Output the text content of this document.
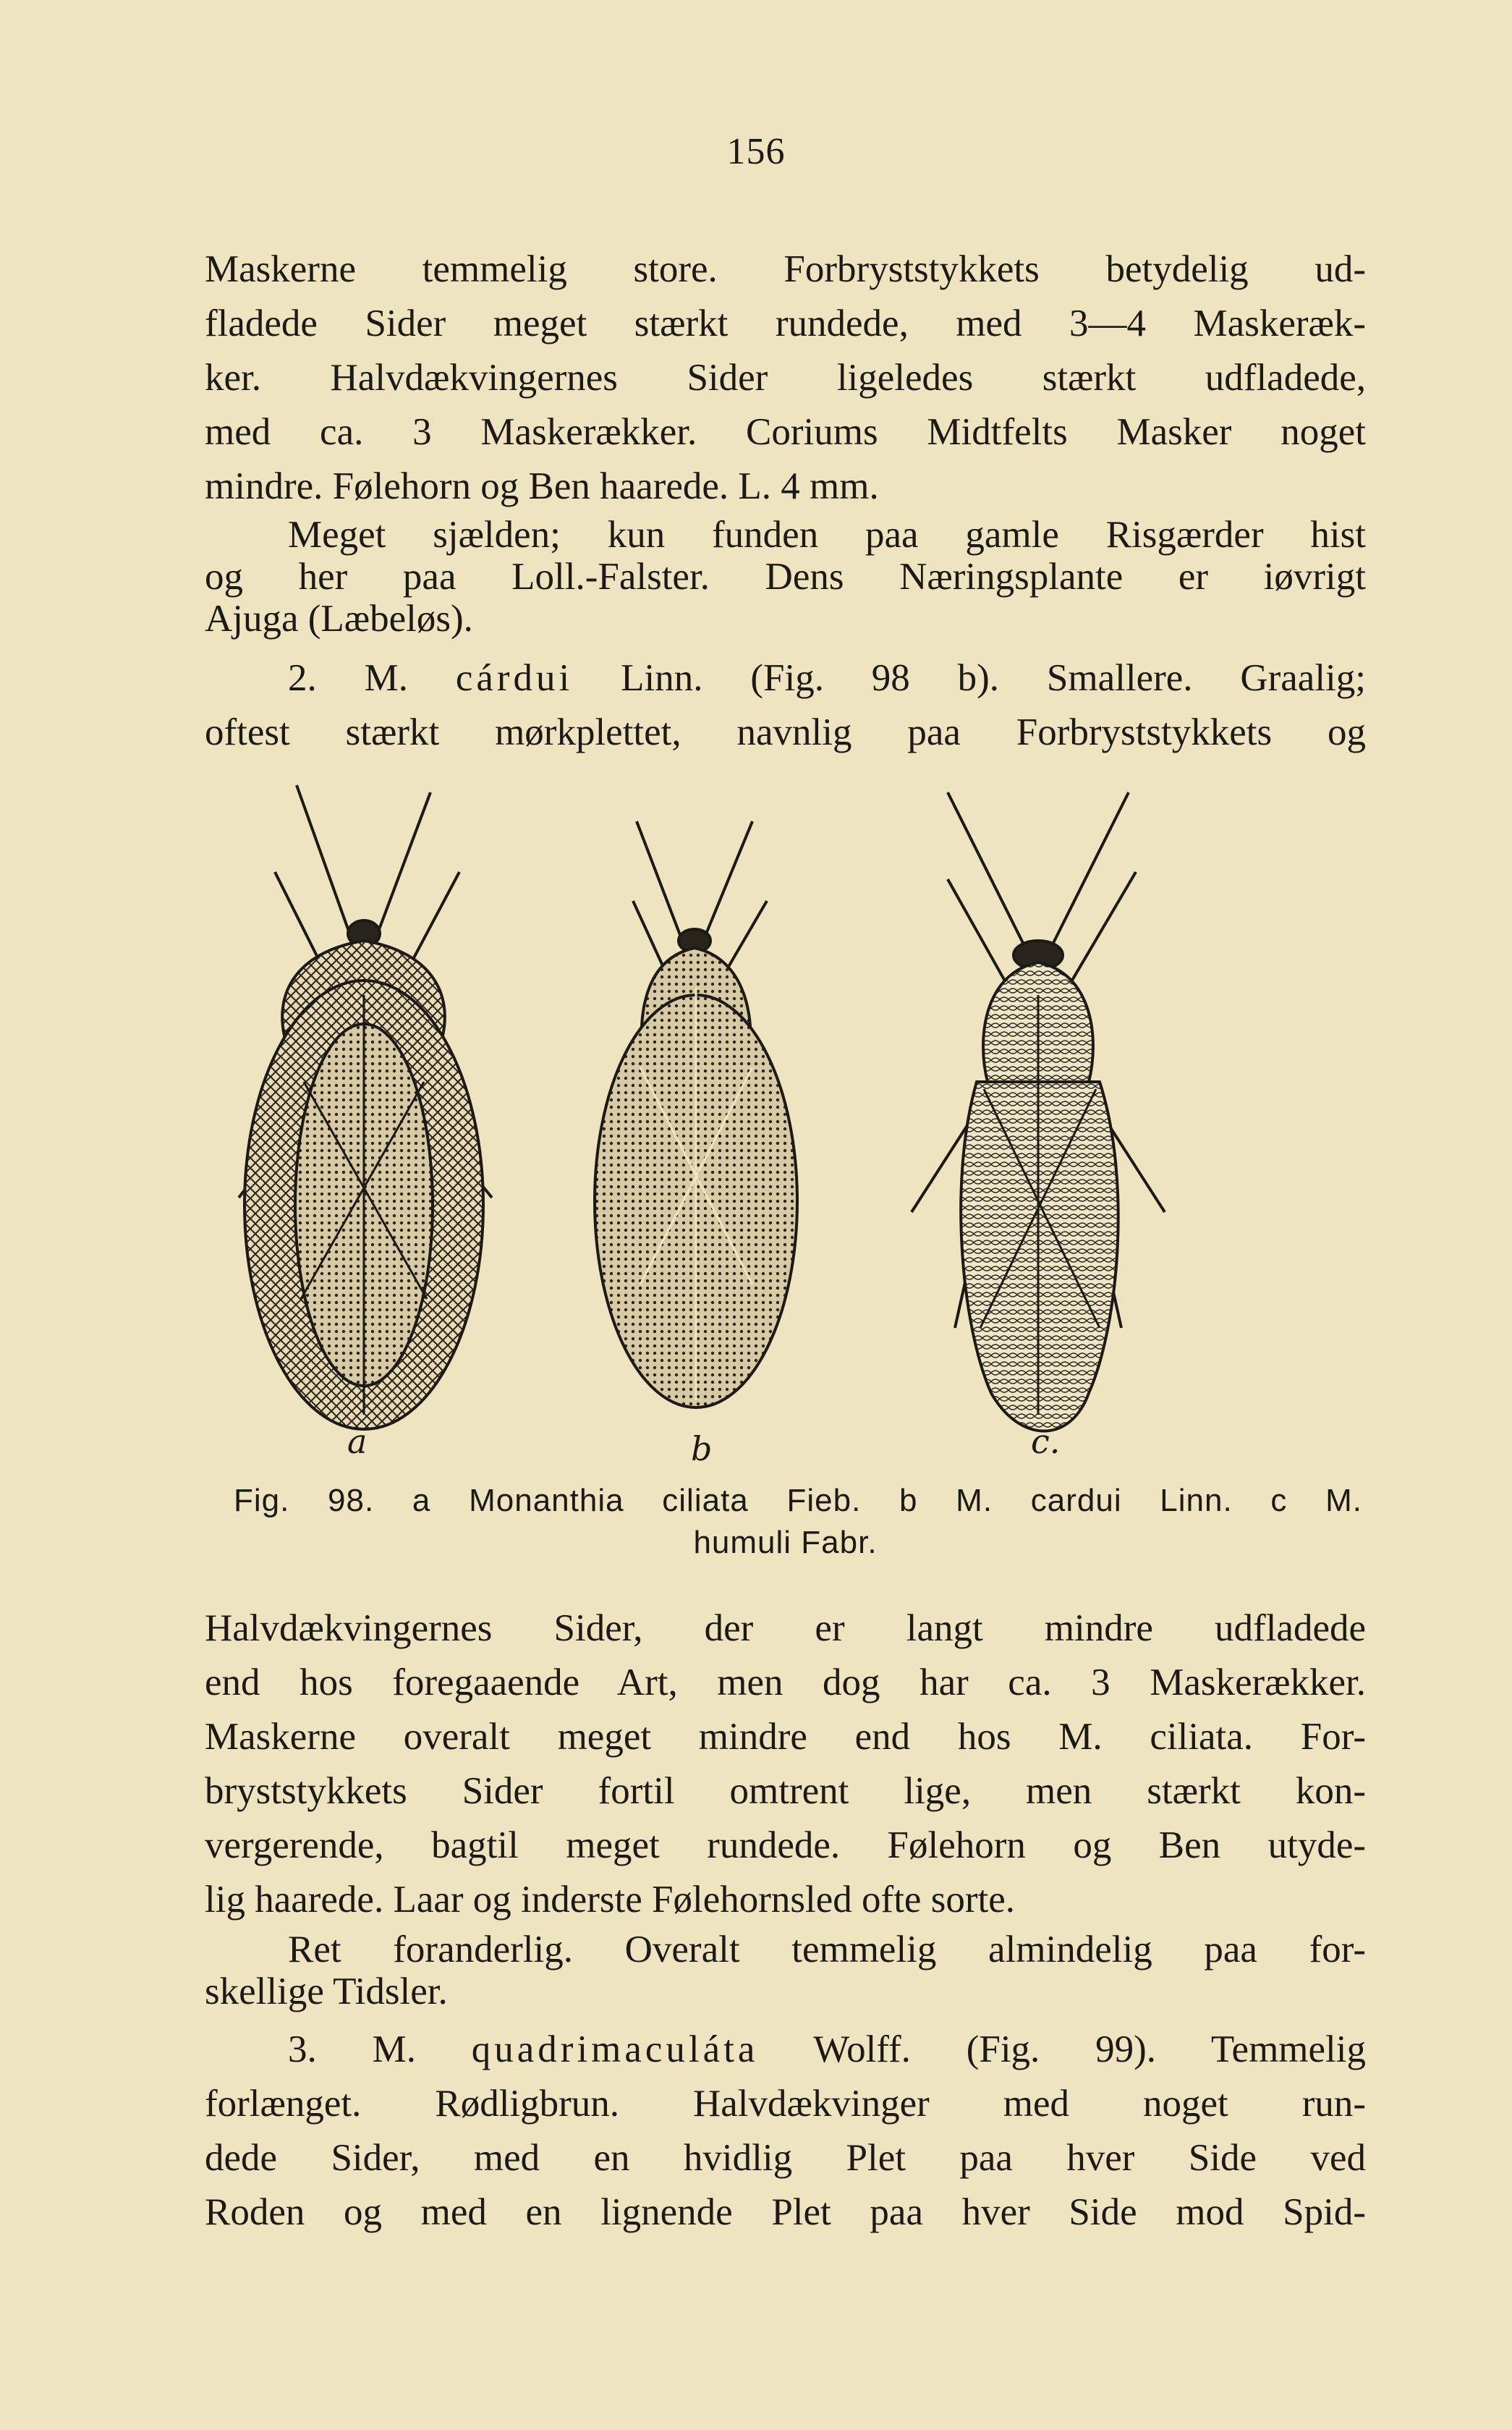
156
Maskerne temmelig store. Forbryststykkets betydelig ud-
fladede Sider meget stærkt rundede, med 3—4 Maskeræk-
ker. Halvdækvingernes Sider ligeledes stærkt udfladede,
med ca. 3 Maskerækker. Coriums Midtfelts Masker noget
mindre. Følehorn og Ben haarede. L. 4 mm.
Meget sjælden; kun funden paa gamle Risgærder hist
og her paa Loll.-Falster. Dens Næringsplante er iøvrigt
Ajuga (Læbeløs).
2. M. cárdui Linn. (Fig. 98 b). Smallere. Graalig;
oftest stærkt mørkplettet, navnlig paa Forbryststykkets og
a	b	c.
Fig. 98. a Monanthia ciliata Fieb. b M. cardui Linn. c M.
humuli Fabr.
Halvdækvingernes Sider, der er langt mindre udfladede
end hos foregaaende Art, men dog har ca. 3 Maskerækker.
Maskerne overalt meget mindre end hos M. ciliata. For-
bryststykkets Sider fortil omtrent lige, men stærkt kon-
vergerende, bagtil meget rundede. Følehorn og Ben utyde-
lig haarede. Laar og inderste Følehornsled ofte sorte.
Ret foranderlig. Overalt temmelig almindelig paa for-
skellige Tidsler.
3. M. quadrimaculáta Wolff. (Fig. 99). Temmelig
forlænget. Rødligbrun. Halvdækvinger med noget run-
dede Sider, med en hvidlig Plet paa hver Side ved
Roden og med en lignende Plet paa hver Side mod Spid-
